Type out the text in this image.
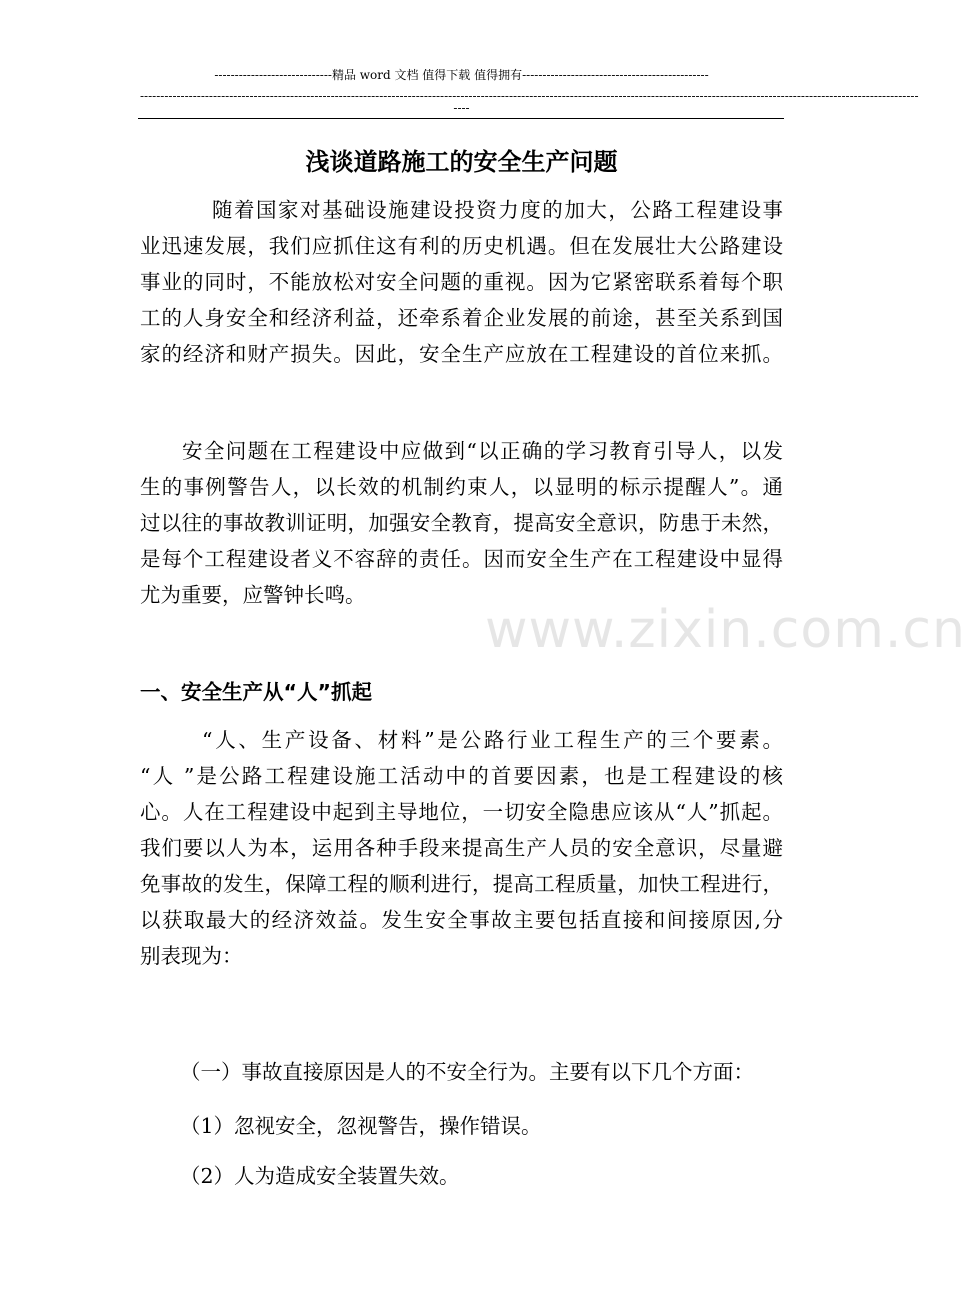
-----------------------------精品 word 文档 值得下载 值得拥有----------------------------------------------
------------------------------------------------------------------------------------------------------------------------------------------------------------------------------------------------
----
www.zixin.com.cn
浅谈道路施工的安全生产问题
随着国家对基础设施建设投资力度的加大，公路工程建设事
业迅速发展，我们应抓住这有利的历史机遇。但在发展壮大公路建设
事业的同时，不能放松对安全问题的重视。因为它紧密联系着每个职
工的人身安全和经济利益，还牵系着企业发展的前途，甚至关系到国
家的经济和财产损失。因此，安全生产应放在工程建设的首位来抓。
安全问题在工程建设中应做到“以正确的学习教育引导人，以发
生的事例警告人，以长效的机制约束人，以显明的标示提醒人”。通
过以往的事故教训证明，加强安全教育，提高安全意识，防患于未然，
是每个工程建设者义不容辞的责任。因而安全生产在工程建设中显得
尤为重要，应警钟长鸣。
一、安全生产从“人”抓起
“人、生产设备、材料”是公路行业工程生产的三个要素。
“人 ”是公路工程建设施工活动中的首要因素，也是工程建设的核
心。人在工程建设中起到主导地位，一切安全隐患应该从“人”抓起。
我们要以人为本，运用各种手段来提高生产人员的安全意识，尽量避
免事故的发生，保障工程的顺利进行，提高工程质量，加快工程进行，
以获取最大的经济效益。发生安全事故主要包括直接和间接原因,分
别表现为：
（一）事故直接原因是人的不安全行为。主要有以下几个方面：
（1）忽视安全，忽视警告，操作错误。
（2）人为造成安全装置失效。
